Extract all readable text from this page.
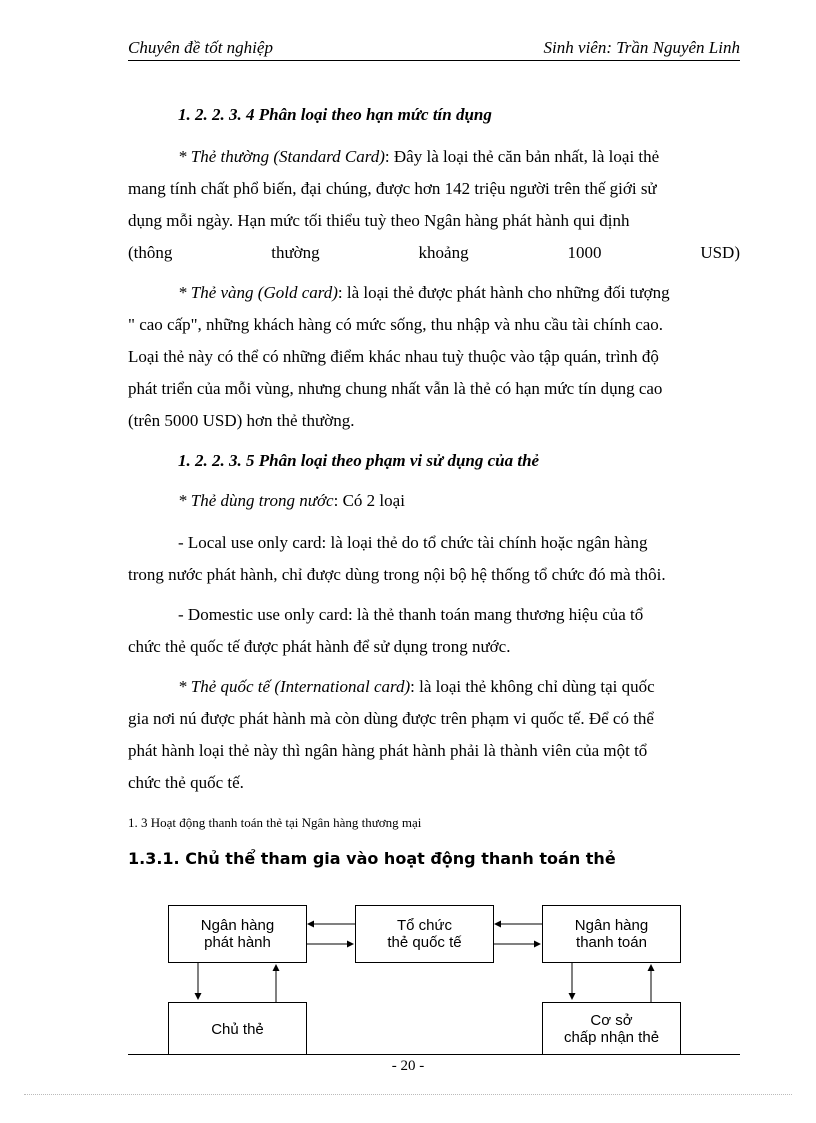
Chuyên đề tốt nghiệp	Sinh viên: Trần Nguyên Linh
1. 2. 2. 3. 4 Phân loại theo hạn mức tín dụng
* Thẻ thường (Standard Card): Đây là loại thẻ căn bản nhất, là loại thẻ
mang tính chất phổ biến, đại chúng, được hơn 142 triệu người trên thế giới sử
dụng mỗi ngày. Hạn mức tối thiểu tuỳ theo Ngân hàng phát hành qui định
(thông	thường	khoảng	1000	USD)
* Thẻ vàng (Gold card): là loại thẻ được phát hành cho những đối tượng
" cao cấp", những khách hàng có mức sống, thu nhập và nhu cầu tài chính cao.
Loại thẻ này có thể có những điểm khác nhau tuỳ thuộc vào tập quán, trình độ
phát triển của mỗi vùng, nhưng chung nhất vẫn là thẻ có hạn mức tín dụng cao
(trên 5000 USD) hơn thẻ thường.
1. 2. 2. 3. 5 Phân loại theo phạm vi sử dụng của thẻ
* Thẻ dùng trong nước: Có 2 loại
- Local use only card: là loại thẻ do tổ chức tài chính hoặc ngân hàng
trong nước phát hành, chỉ được dùng trong nội bộ hệ thống tổ chức đó mà thôi.
- Domestic use only card: là thẻ thanh toán mang thương hiệu của tổ
chức thẻ quốc tế được phát hành để sử dụng trong nước.
* Thẻ quốc tế (International card): là loại thẻ không chỉ dùng tại quốc
gia nơi nú được phát hành mà còn dùng được trên phạm vi quốc tế. Để có thể
phát hành loại thẻ này thì ngân hàng phát hành phải là thành viên của một tổ
chức thẻ quốc tế.
1. 3 Hoạt động thanh toán thẻ tại Ngân hàng thương mại
1.3.1. Chủ thể tham gia vào hoạt động thanh toán thẻ
Ngân hàng
phát hành
Tổ chức
thẻ quốc tế
Ngân hàng
thanh toán
Chủ thẻ	Cơ sở
chấp nhận thẻ
- 20 -
